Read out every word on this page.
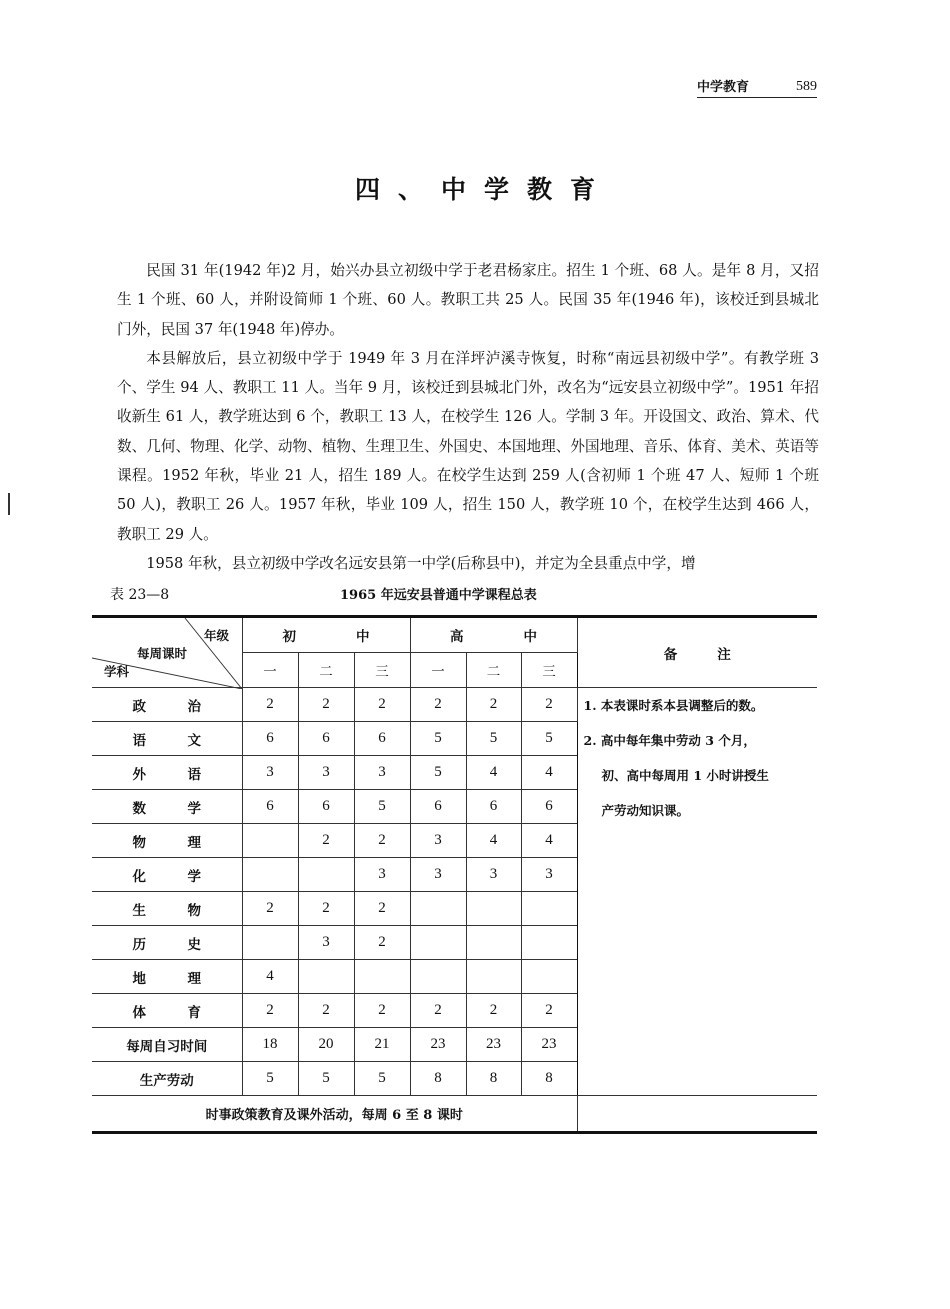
中学教育	589
四、中学教育

民国 31 年(1942 年)2 月，始兴办县立初级中学于老君杨家庄。招生 1 个班、68 人。是年 8 月，又招生 1 个班、60 人，并附设简师 1 个班、60 人。教职工共 25 人。民国 35 年(1946 年)，该校迁到县城北门外，民国 37 年(1948 年)停办。

本县解放后，县立初级中学于 1949 年 3 月在洋坪泸溪寺恢复，时称“南远县初级中学”。有教学班 3 个、学生 94 人、教职工 11 人。当年 9 月，该校迁到县城北门外，改名为“远安县立初级中学”。1951 年招收新生 61 人，教学班达到 6 个，教职工 13 人，在校学生 126 人。学制 3 年。开设国文、政治、算术、代数、几何、物理、化学、动物、植物、生理卫生、外国史、本国地理、外国地理、音乐、体育、美术、英语等课程。1952 年秋，毕业 21 人，招生 189 人。在校学生达到 259 人(含初师 1 个班 47 人、短师 1 个班 50 人)，教职工 26 人。1957 年秋，毕业 109 人，招生 150 人，教学班 10 个，在校学生达到 466 人，教职工 29 人。

1958 年秋，县立初级中学改名远安县第一中学(后称县中)，并定为全县重点中学，增

表 23—8	1965 年远安县普通中学课程总表
年级
每周课时
学科	初 中			高 中			备 注
	一	二	三	一	二	三	
政 治	2	2	2	2	2	2	1. 本表课时系本县调整后的数。
2. 高中每年集中劳动 3 个月，
初、高中每周用 1 小时讲授生
产劳动知识课。

语 文	6	6	6	5	5	5	
外 语	3	3	3	5	4	4	
数 学	6	6	5	6	6	6	
物 理		2	2	3	4	4	
化 学			3	3	3	3	
生 物	2	2	2				
历 史		3	2				
地 理	4						
体 育	2	2	2	2	2	2	
每周自习时间	18	20	21	23	23	23	
生产劳动	5	5	5	8	8	8	
时事政策教育及课外活动，每周 6 至 8 课时							
